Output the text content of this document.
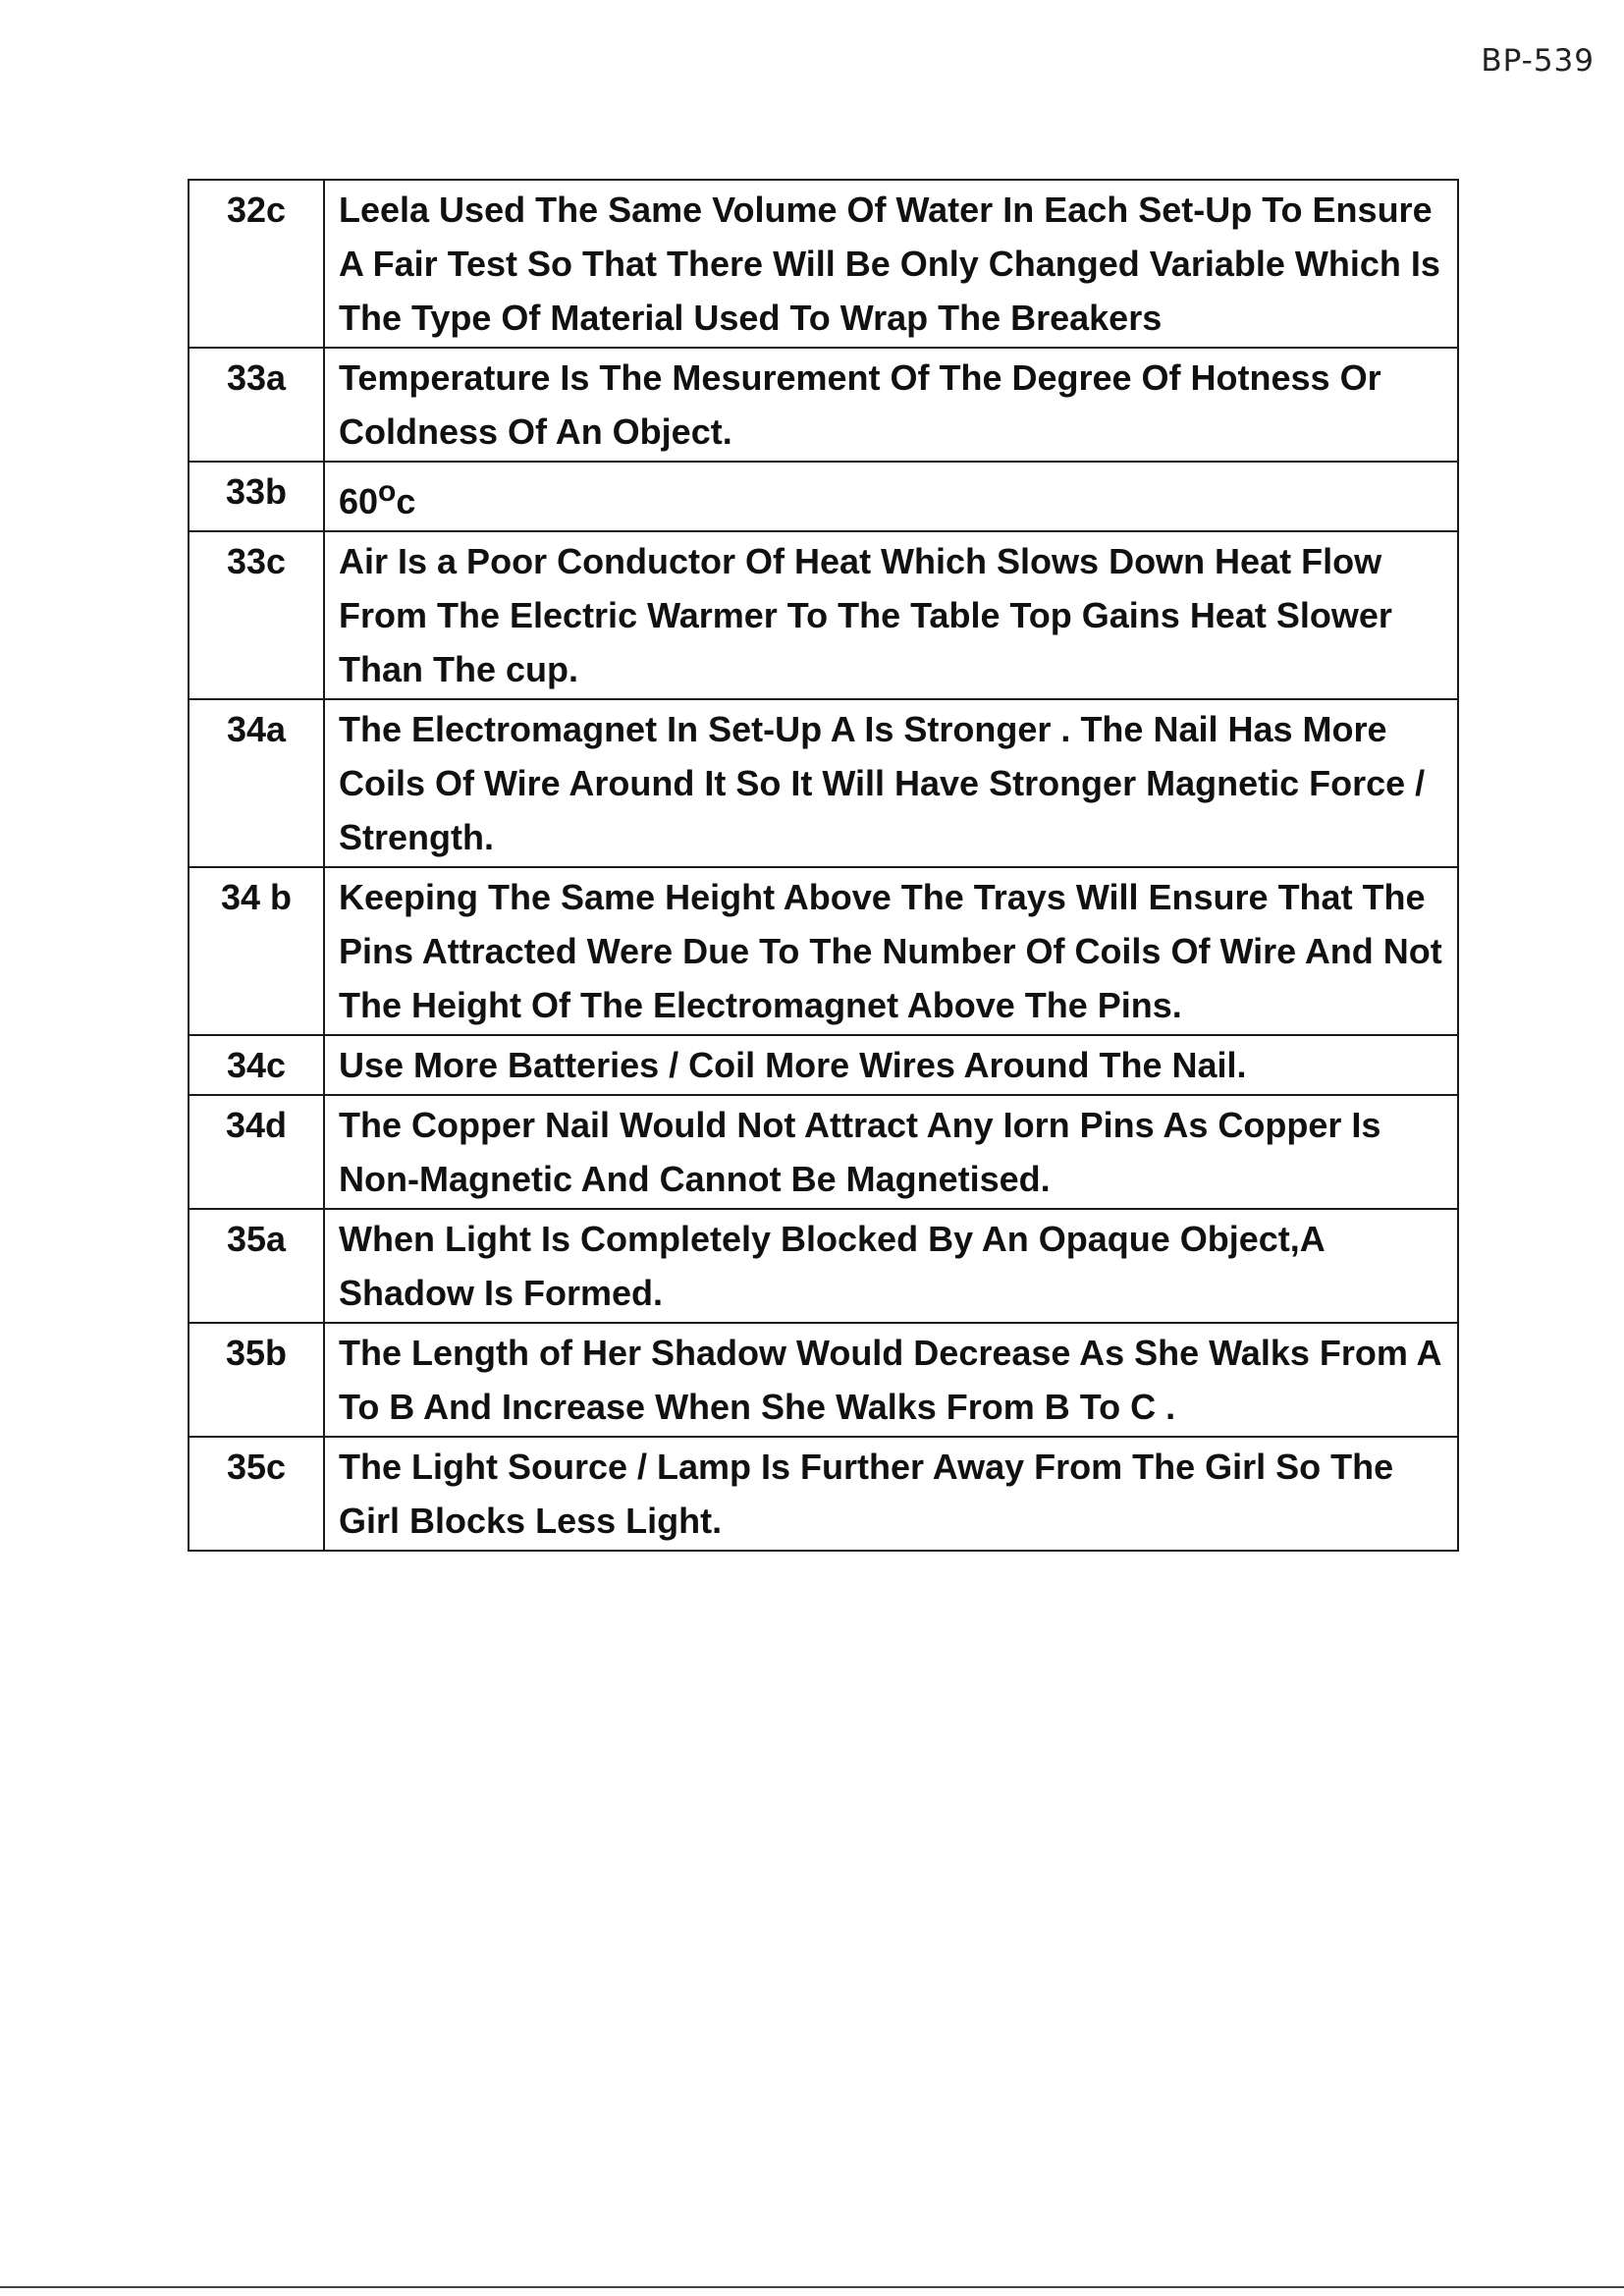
BP-539
32c	Leela Used The Same Volume Of Water In Each Set-Up To Ensure A Fair Test So That There Will Be Only Changed Variable Which Is The Type Of Material Used To Wrap The Breakers
33a	Temperature Is The Mesurement Of The Degree Of Hotness Or Coldness Of An Object.
33b	60$^o$c
33c	Air Is a Poor Conductor Of Heat Which Slows Down Heat Flow From The Electric Warmer To The Table Top Gains Heat Slower Than The cup.
34a	The Electromagnet In Set-Up A Is Stronger . The Nail Has More Coils Of Wire Around It So It Will Have Stronger Magnetic Force / Strength.
34 b	Keeping The Same Height Above The Trays Will Ensure That The Pins Attracted Were Due To The Number Of Coils Of Wire And Not The Height Of The Electromagnet Above The Pins.
34c	Use More Batteries / Coil More Wires Around The Nail.
34d	The Copper Nail Would Not Attract Any Iorn Pins As Copper Is Non-Magnetic And Cannot Be Magnetised.
35a	When Light Is Completely Blocked By An Opaque Object,A Shadow Is Formed.
35b	The Length of Her Shadow Would Decrease As She Walks From A To B And Increase When She Walks From B To C .
35c	The Light Source / Lamp Is Further Away From The Girl So The Girl Blocks Less Light.
